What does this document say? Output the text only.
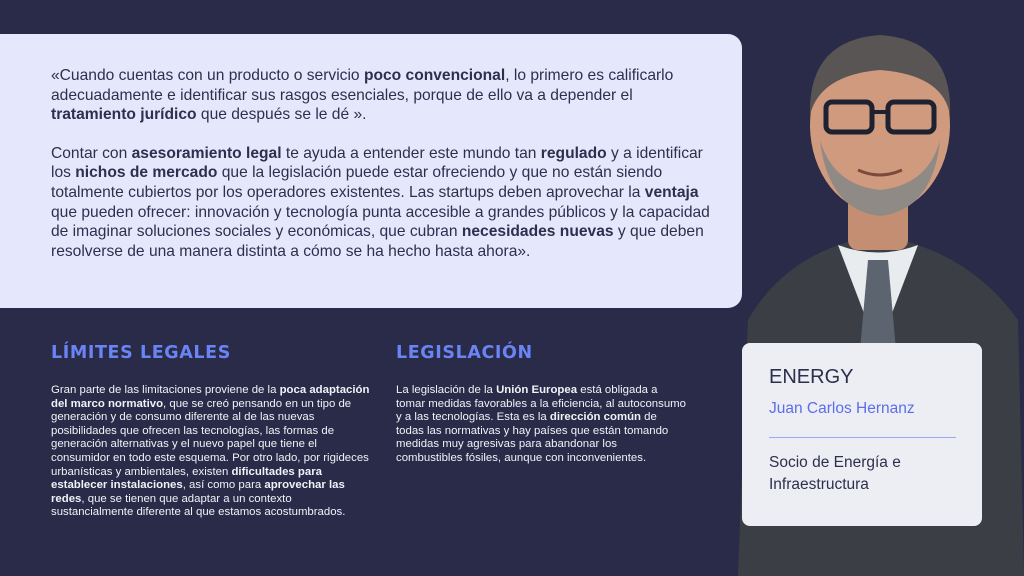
«Cuando cuentas con un producto o servicio poco convencional, lo primero es calificarlo adecuadamente e identificar sus rasgos esenciales, porque de ello va a depender el tratamiento jurídico que después se le dé ».

Contar con asesoramiento legal te ayuda a entender este mundo tan regulado y a identificar los nichos de mercado que la legislación puede estar ofreciendo y que no están siendo totalmente cubiertos por los operadores existentes. Las startups deben aprovechar la ventaja que pueden ofrecer: innovación y tecnología punta accesible a grandes públicos y la capacidad de imaginar soluciones sociales y económicas, que cubran necesidades nuevas y que deben resolverse de una manera distinta a cómo se ha hecho hasta ahora».

LÍMITES LEGALES

Gran parte de las limitaciones proviene de la poca adaptación del marco normativo, que se creó pensando en un tipo de generación y de consumo diferente al de las nuevas posibilidades que ofrecen las tecnologías, las formas de generación alternativas y el nuevo papel que tiene el consumidor en todo este esquema. Por otro lado, por rigideces urbanísticas y ambientales, existen dificultades para establecer instalaciones, así como para aprovechar las redes, que se tienen que adaptar a un contexto sustancialmente diferente al que estamos acostumbrados.

LEGISLACIÓN

La legislación de la Unión Europea está obligada a tomar medidas favorables a la eficiencia, al autoconsumo y a las tecnologías. Esta es la dirección común de todas las normativas y hay países que están tomando medidas muy agresivas para abandonar los combustibles fósiles, aunque con inconvenientes.

ENERGY
Juan Carlos Hernanz
Socio de Energía e Infraestructura
